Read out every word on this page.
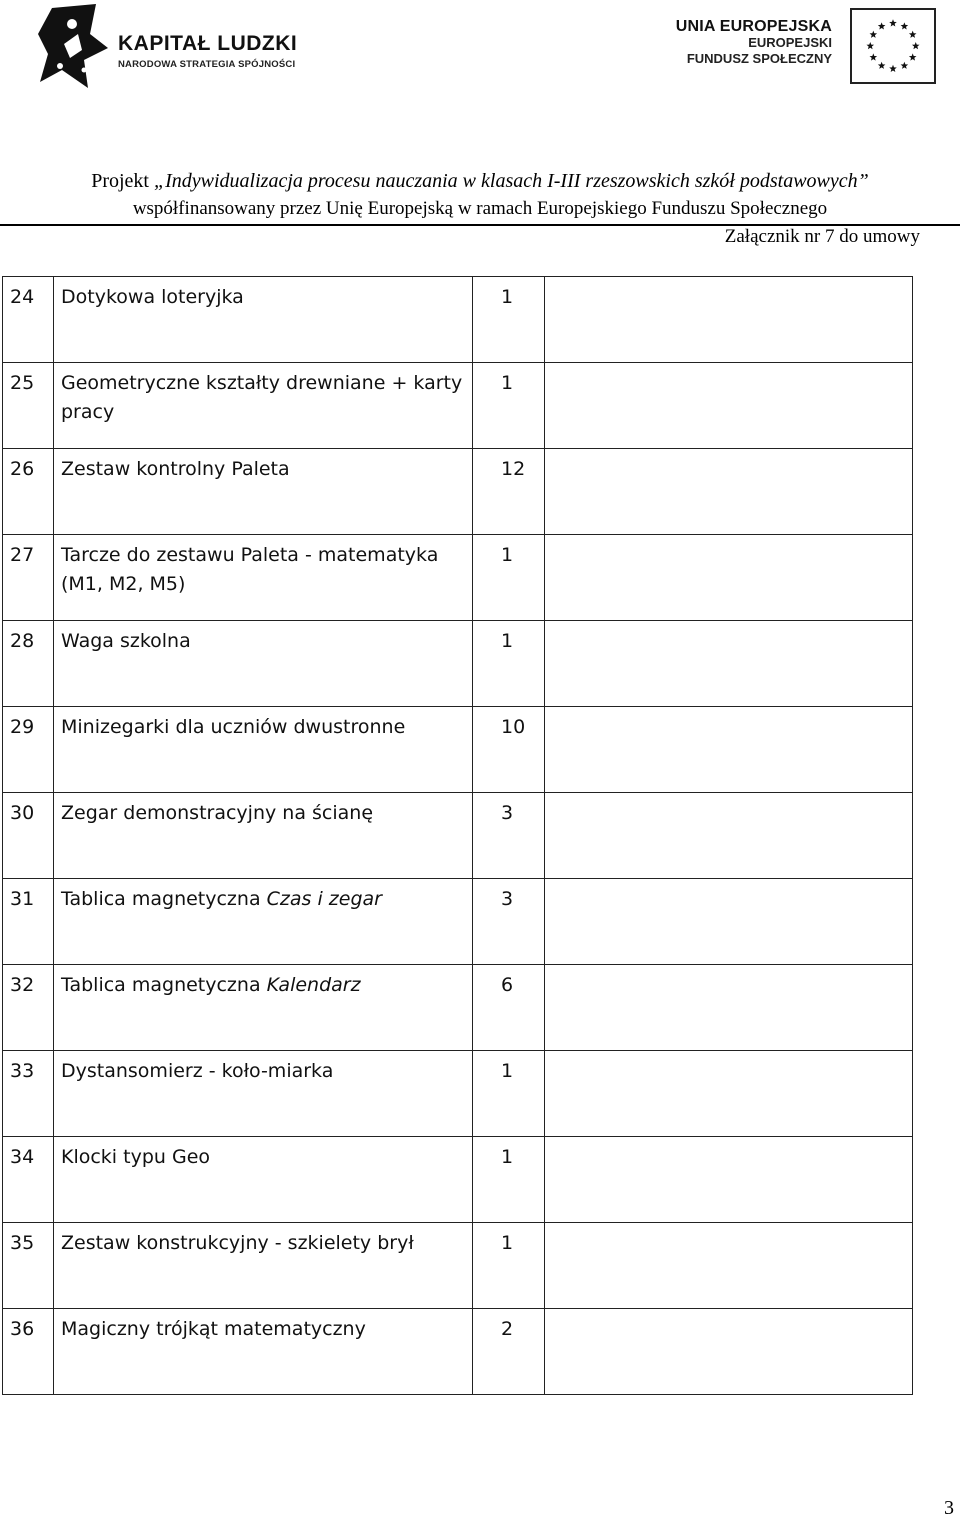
KAPITAŁ LUDZKI
NARODOWA STRATEGIA SPÓJNOŚCI
UNIA EUROPEJSKA
EUROPEJSKI
FUNDUSZ SPOŁECZNY
Projekt „Indywidualizacja procesu nauczania w klasach I-III rzeszowskich szkół podstawowych”
współfinansowany przez Unię Europejską w ramach Europejskiego Funduszu Społecznego
Załącznik nr 7 do umowy
24	Dotykowa loteryjka	1	
25	Geometryczne kształty drewniane + karty pracy	1	
26	Zestaw kontrolny Paleta	12	
27	Tarcze do zestawu Paleta - matematyka (M1, M2, M5)	1	
28	Waga szkolna	1	
29	Minizegarki dla uczniów dwustronne	10	
30	Zegar demonstracyjny na ścianę	3	
31	Tablica magnetyczna Czas i zegar	3	
32	Tablica magnetyczna Kalendarz	6	
33	Dystansomierz - koło-miarka	1	
34	Klocki typu Geo	1	
35	Zestaw konstrukcyjny - szkielety brył	1	
36	Magiczny trójkąt matematyczny	2	
3
